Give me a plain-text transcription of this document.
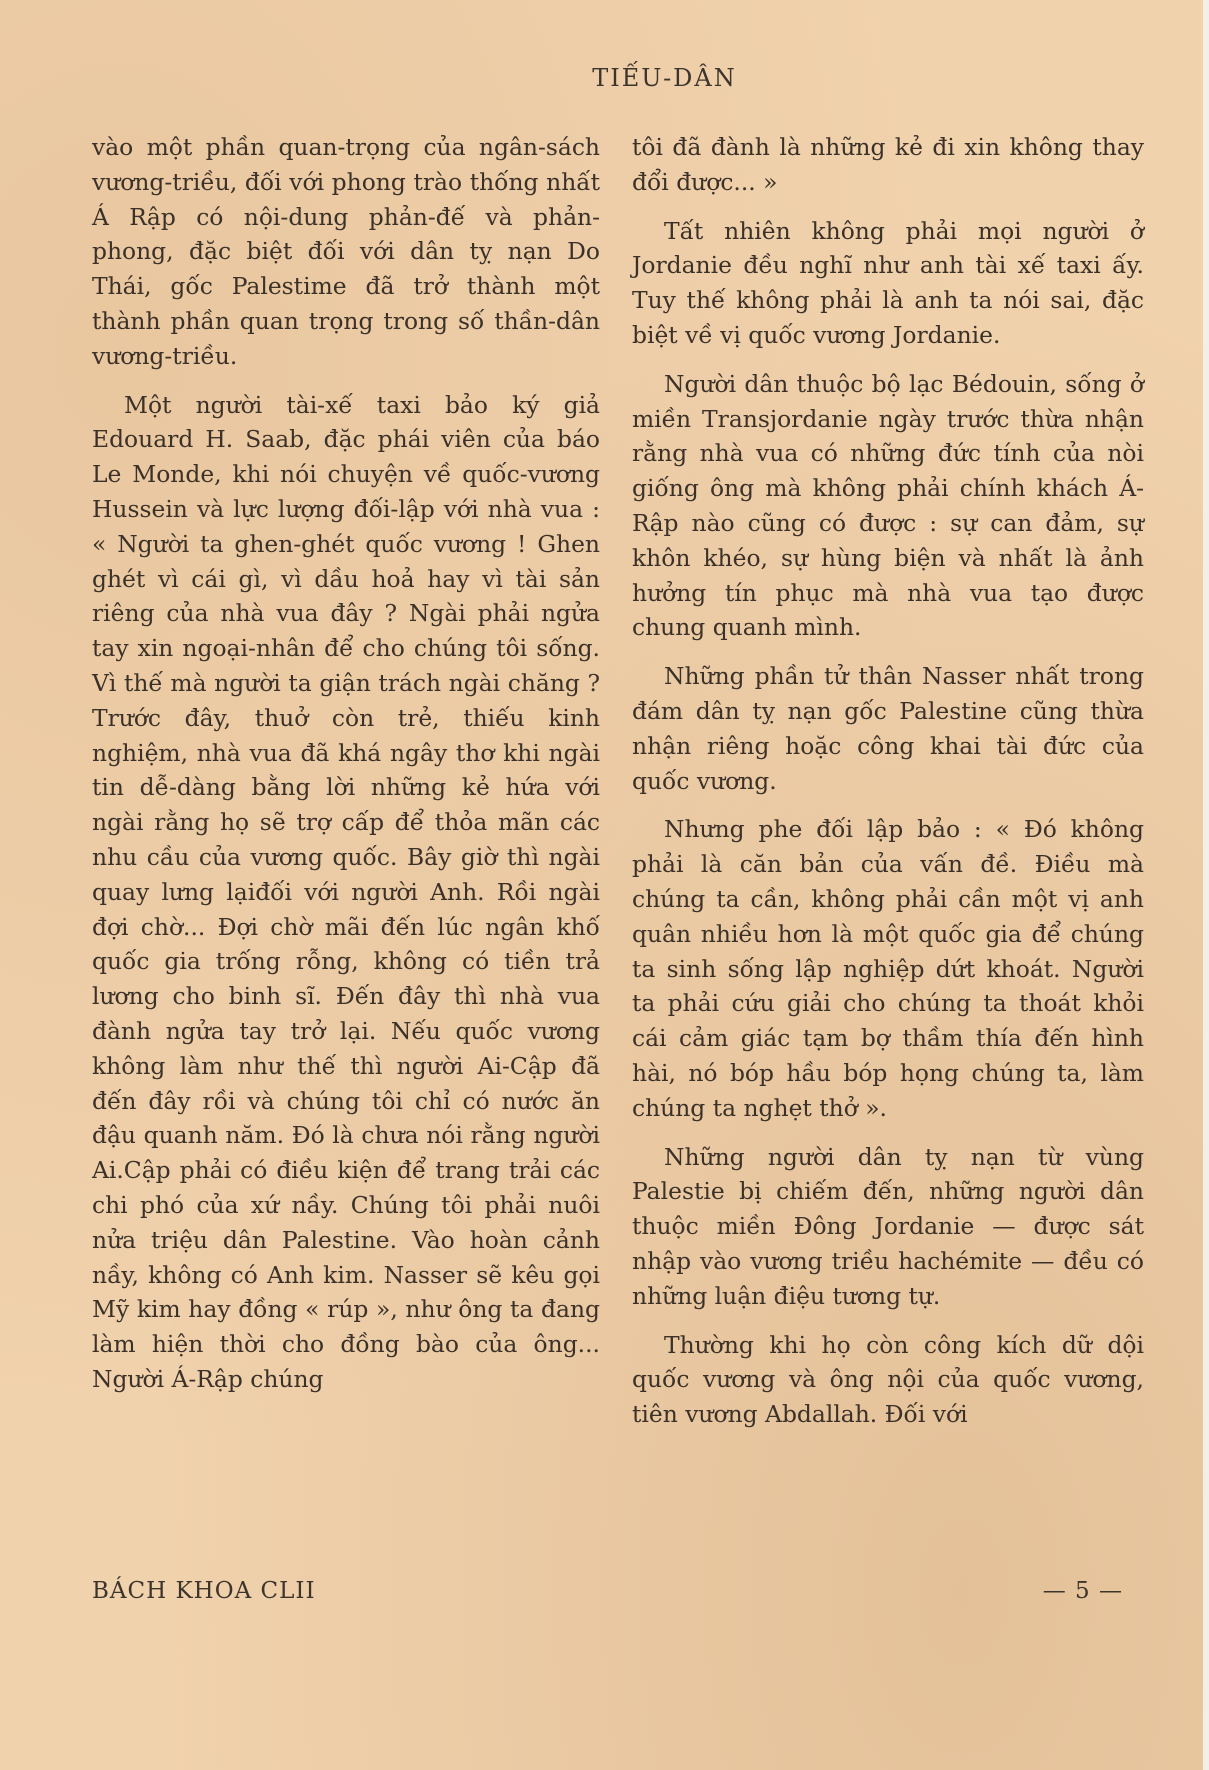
TIẾU-DÂN

vào một phần quan-trọng của ngân-sách vương-triều, đối với phong trào thống nhất Á Rập có nội-dung phản-đế và phản-phong, đặc biệt đối với dân tỵ nạn Do Thái, gốc Palestime đã trở thành một thành phần quan trọng trong số thần-dân vương-triều.

Một người tài-xế taxi bảo ký giả Edouard H. Saab, đặc phái viên của báo Le Monde, khi nói chuyện về quốc-vương Hussein và lực lượng đối-lập với nhà vua : « Người ta ghen-ghét quốc vương ! Ghen ghét vì cái gì, vì dầu hoả hay vì tài sản riêng của nhà vua đây ? Ngài phải ngửa tay xin ngoại-nhân để cho chúng tôi sống. Vì thế mà người ta giận trách ngài chăng ? Trước đây, thuở còn trẻ, thiếu kinh nghiệm, nhà vua đã khá ngây thơ khi ngài tin dễ-dàng bằng lời những kẻ hứa với ngài rằng họ sẽ trợ cấp để thỏa mãn các nhu cầu của vương quốc. Bây giờ thì ngài quay lưng lạiđối với người Anh. Rồi ngài đợi chờ... Đợi chờ mãi đến lúc ngân khố quốc gia trống rỗng, không có tiền trả lương cho binh sĩ. Đến đây thì nhà vua đành ngửa tay trở lại. Nếu quốc vương không làm như thế thì người Ai-Cập đã đến đây rồi và chúng tôi chỉ có nước ăn đậu quanh năm. Đó là chưa nói rằng người Ai.Cập phải có điều kiện để trang trải các chi phó của xứ nầy. Chúng tôi phải nuôi nửa triệu dân Palestine. Vào hoàn cảnh nầy, không có Anh kim. Nasser sẽ kêu gọi Mỹ kim hay đồng « rúp », như ông ta đang làm hiện thời cho đồng bào của ông... Người Á-Rập chúng

tôi đã đành là những kẻ đi xin không thay đổi được... »

Tất nhiên không phải mọi người ở Jordanie đều nghĩ như anh tài xế taxi ấy. Tuy thế không phải là anh ta nói sai, đặc biệt về vị quốc vương Jordanie.

Người dân thuộc bộ lạc Bédouin, sống ở miền Transjordanie ngày trước thừa nhận rằng nhà vua có những đức tính của nòi giống ông mà không phải chính khách Á-Rập nào cũng có được : sự can đảm, sự khôn khéo, sự hùng biện và nhất là ảnh hưởng tín phục mà nhà vua tạo được chung quanh mình.

Những phần tử thân Nasser nhất trong đám dân tỵ nạn gốc Palestine cũng thừa nhận riêng hoặc công khai tài đức của quốc vương.

Nhưng phe đối lập bảo : « Đó không phải là căn bản của vấn đề. Điều mà chúng ta cần, không phải cần một vị anh quân nhiều hơn là một quốc gia để chúng ta sinh sống lập nghiệp dứt khoát. Người ta phải cứu giải cho chúng ta thoát khỏi cái cảm giác tạm bợ thầm thía đến hình hài, nó bóp hầu bóp họng chúng ta, làm chúng ta nghẹt thở ».

Những người dân tỵ nạn từ vùng Palestie bị chiếm đến, những người dân thuộc miền Đông Jordanie — được sát nhập vào vương triều hachémite — đều có những luận điệu tương tự.

Thường khi họ còn công kích dữ dội quốc vương và ông nội của quốc vương, tiên vương Abdallah. Đối với

BÁCH KHOA CLII	— 5 —
